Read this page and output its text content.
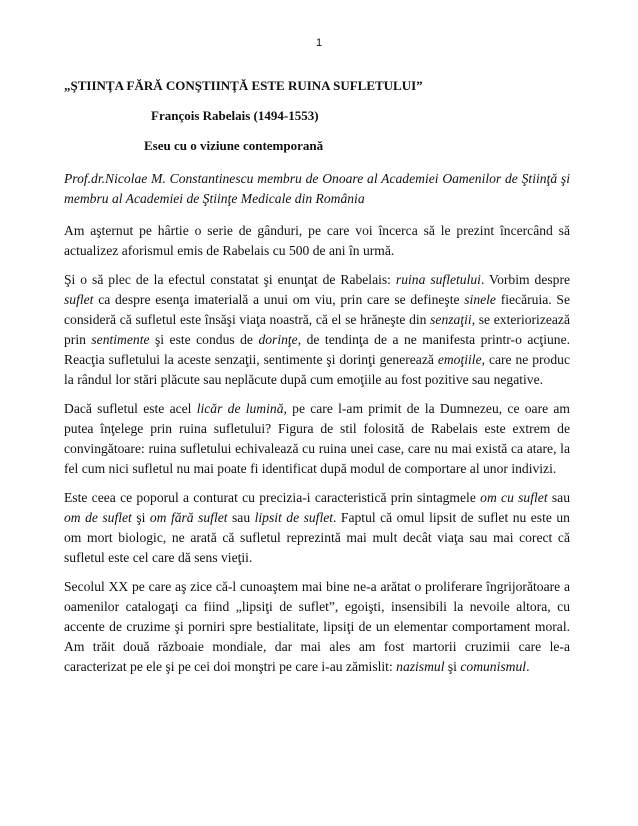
1
„ŞTIINŢA FĂRĂ CONŞTIINŢĂ ESTE RUINA SUFLETULUI”
François Rabelais (1494-1553)
Eseu cu o viziune contemporană

Prof.dr.Nicolae M. Constantinescu membru de Onoare al Academiei Oamenilor de Ştiinţă şi membru al Academiei de Ştiinţe Medicale din România

Am aşternut pe hârtie o serie de gânduri, pe care voi încerca să le prezint încercând să actualizez aforismul emis de Rabelais cu 500 de ani în urmă.

Şi o să plec de la efectul constatat şi enunţat de Rabelais: ruina sufletului. Vorbim despre suflet ca despre esenţa imaterială a unui om viu, prin care se defineşte sinele fiecăruia. Se consideră că sufletul este însăşi viaţa noastră, că el se hrăneşte din senzaţii, se exteriorizează prin sentimente şi este condus de dorinţe, de tendinţa de a ne manifesta printr-o acţiune. Reacţia sufletului la aceste senzaţii, sentimente şi dorinţi generează emoţiile, care ne produc la rândul lor stări plăcute sau neplăcute după cum emoţiile au fost pozitive sau negative.

Dacă sufletul este acel licăr de lumină, pe care l-am primit de la Dumnezeu, ce oare am putea înţelege prin ruina sufletului? Figura de stil folosită de Rabelais este extrem de convingătoare: ruina sufletului echivalează cu ruina unei case, care nu mai există ca atare, la fel cum nici sufletul nu mai poate fi identificat după modul de comportare al unor indivizi.

Este ceea ce poporul a conturat cu precizia-i caracteristică prin sintagmele om cu suflet sau om de suflet şi om fără suflet sau lipsit de suflet. Faptul că omul lipsit de suflet nu este un om mort biologic, ne arată că sufletul reprezintă mai mult decât viaţa sau mai corect că sufletul este cel care dă sens vieţii.

Secolul XX pe care aş zice că-l cunoaştem mai bine ne-a arătat o proliferare îngrijorătoare a oamenilor catalogaţi ca fiind „lipsiţi de suflet”, egoişti, insensibili la nevoile altora, cu accente de cruzime şi porniri spre bestialitate, lipsiţi de un elementar comportament moral. Am trăit două războaie mondiale, dar mai ales am fost martorii cruzimii care le-a caracterizat pe ele şi pe cei doi monştri pe care i-au zămislit: nazismul şi comunismul.
